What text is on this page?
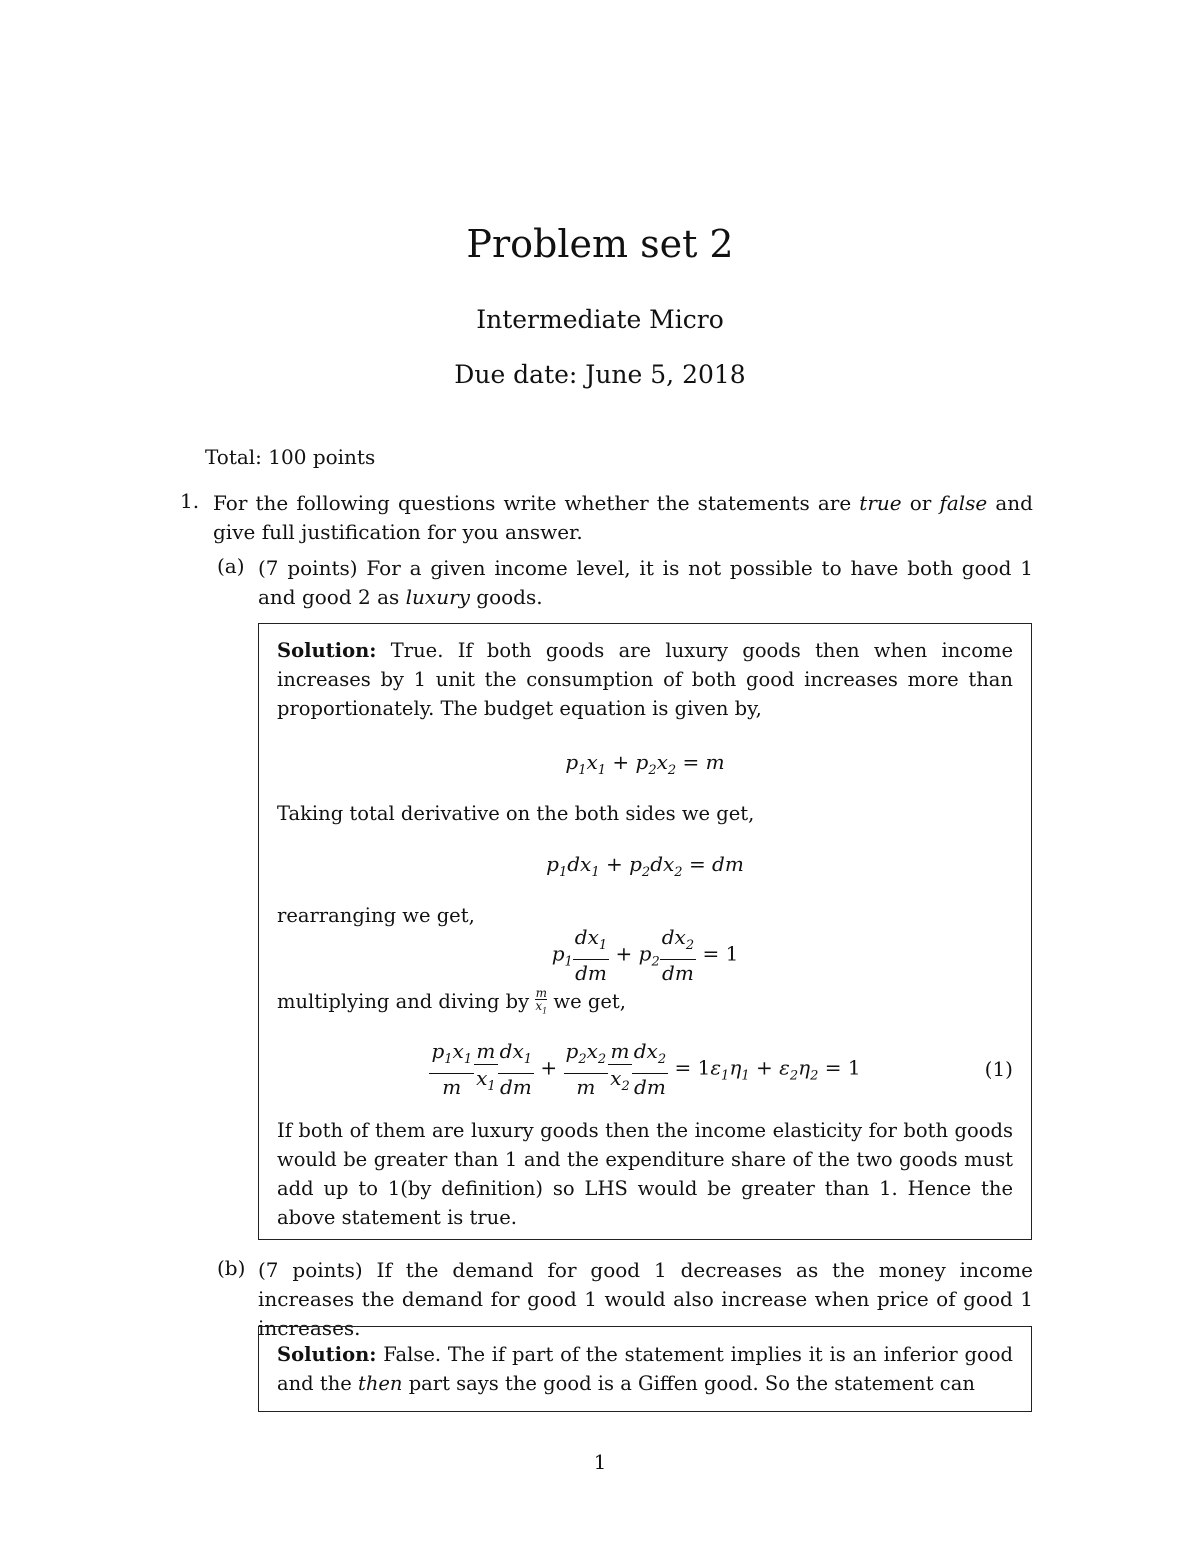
Problem set 2
Intermediate Micro
Due date: June 5, 2018
Total: 100 points
1. For the following questions write whether the statements are true or false and give full justification for you answer.
(a) (7 points) For a given income level, it is not possible to have both good 1 and good 2 as luxury goods.
Solution: True. If both goods are luxury goods then when income increases by 1 unit the consumption of both good increases more than proportionately. The budget equation is given by,
$p_1x_1 + p_2x_2 = m$
Taking total derivative on the both sides we get,
$p_1dx_1 + p_2dx_2$ = dm
rearranging we get,
$p_1 \frac{dx_1}{dm} + p_2 \frac{dx_2}{dm} = 1$
multiplying and diving by $\frac{m}{x_1}$ we get,
$\frac{p_1x_1}{m} \frac{m}{x_1} \frac{dx_1}{dm} + \frac{p_2x_2}{m} \frac{m}{x_2} \frac{dx_2}{dm} = 1\varepsilon_1\eta_1 + \varepsilon_2\eta_2 = 1$	(1)
If both of them are luxury goods then the income elasticity for both goods would be greater than 1 and the expenditure share of the two goods must add up to 1(by definition) so LHS would be greater than 1. Hence the above statement is true.
(b) (7 points) If the demand for good 1 decreases as the money income increases the demand for good 1 would also increase when price of good 1 increases.
Solution: False. The if part of the statement implies it is an inferior good and the then part says the good is a Giffen good. So the statement can
1
